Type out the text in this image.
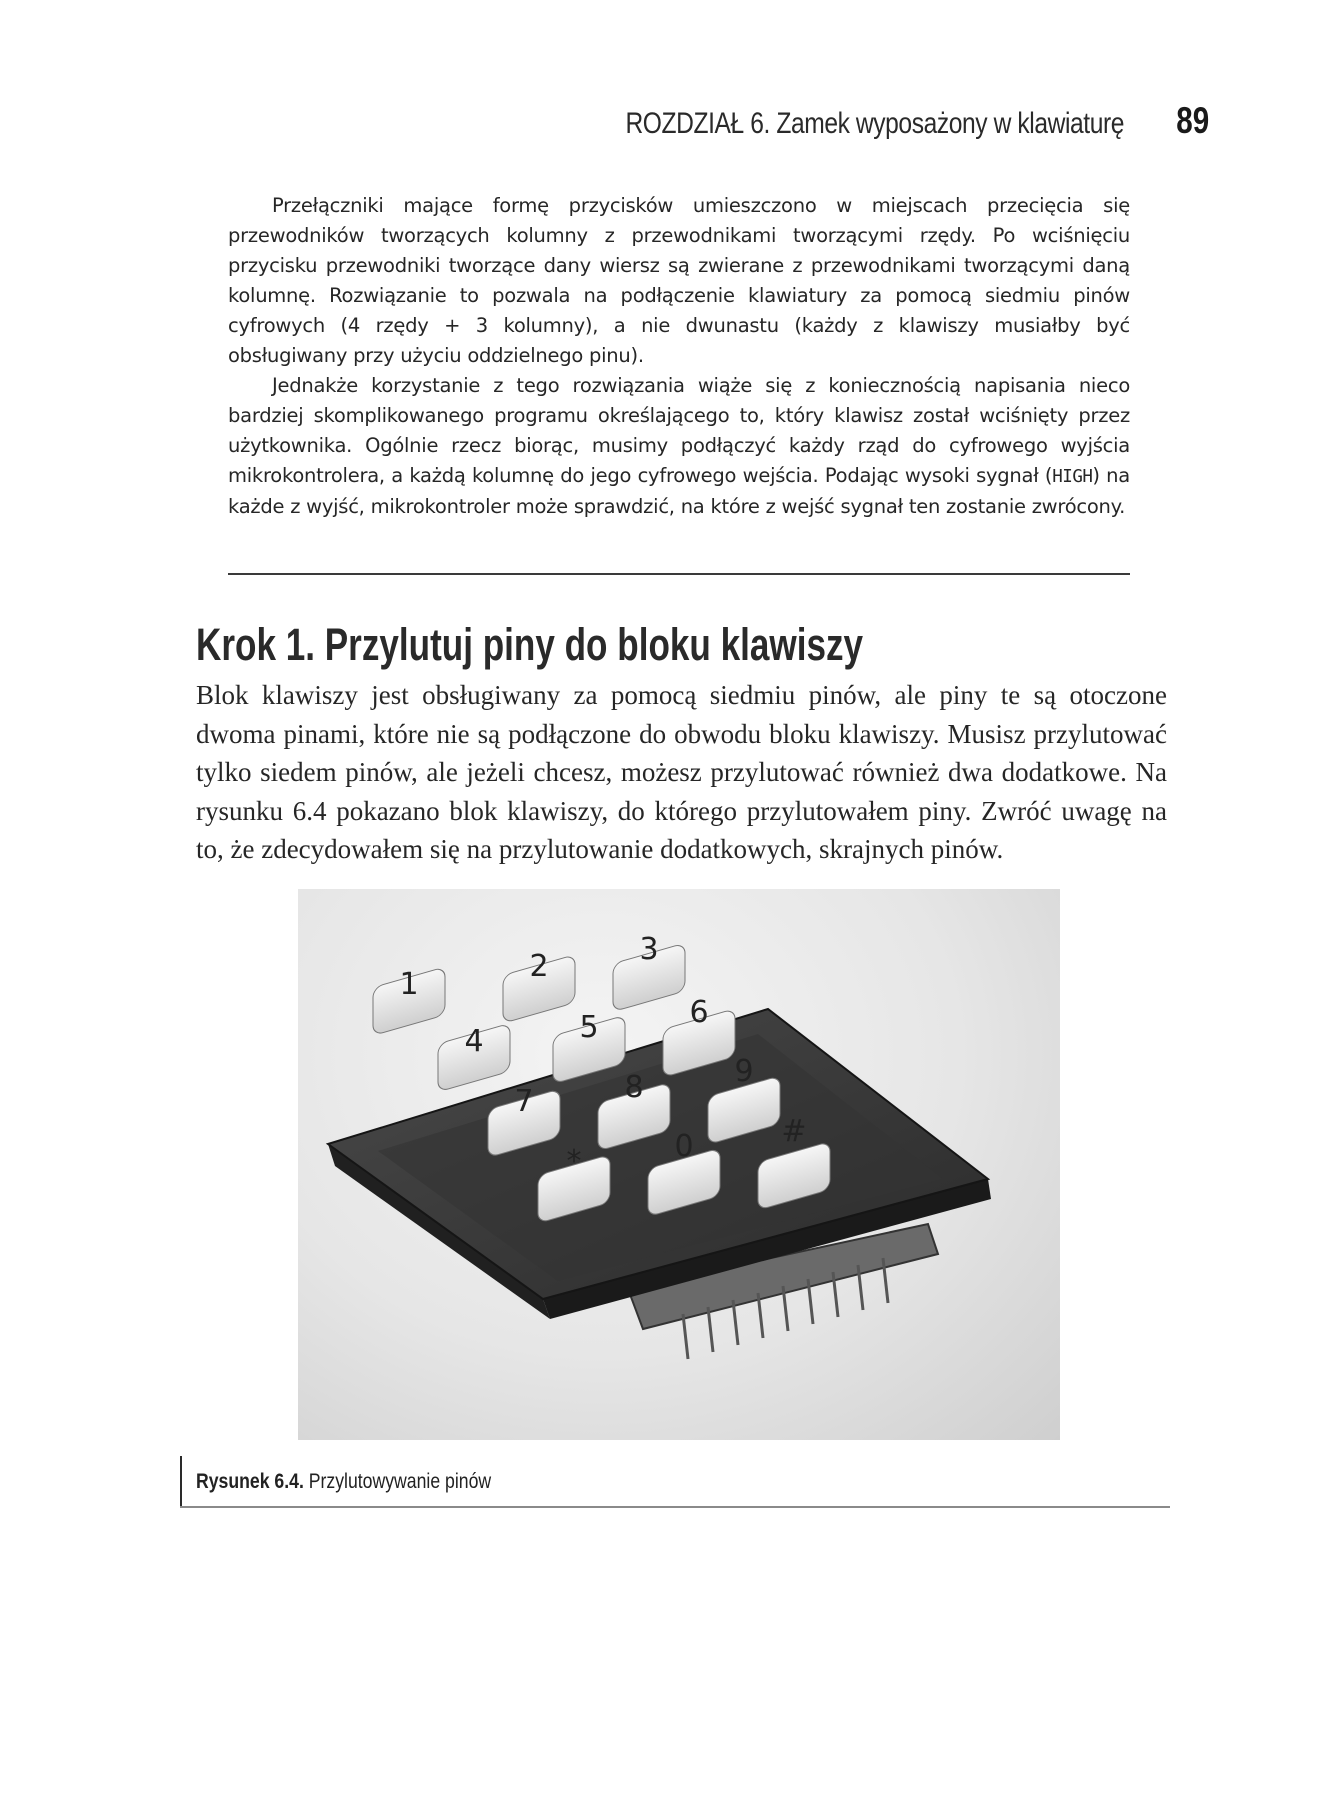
ROZDZIAŁ 6. Zamek wyposażony w klawiaturę 89

Przełączniki mające formę przycisków umieszczono w miejscach przecięcia się przewodników tworzących kolumny z przewodnikami tworzącymi rzędy. Po wciśnięciu przycisku przewodniki tworzące dany wiersz są zwierane z przewodnikami tworzącymi daną kolumnę. Rozwiązanie to pozwala na podłączenie klawiatury za pomocą siedmiu pinów cyfrowych (4 rzędy + 3 kolumny), a nie dwunastu (każdy z klawiszy musiałby być obsługiwany przy użyciu oddzielnego pinu).

Jednakże korzystanie z tego rozwiązania wiąże się z koniecznością napisania nieco bardziej skomplikowanego programu określającego to, który klawisz został wciśnięty przez użytkownika. Ogólnie rzecz biorąc, musimy podłączyć każdy rząd do cyfrowego wyjścia mikrokontrolera, a każdą kolumnę do jego cyfrowego wejścia. Podając wysoki sygnał (HIGH) na każde z wyjść, mikrokontroler może sprawdzić, na które z wejść sygnał ten zostanie zwrócony.

Krok 1. Przylutuj piny do bloku klawiszy

Blok klawiszy jest obsługiwany za pomocą siedmiu pinów, ale piny te są otoczone dwoma pinami, które nie są podłączone do obwodu bloku klawiszy. Musisz przylutować tylko siedem pinów, ale jeżeli chcesz, możesz przylutować również dwa dodatkowe. Na rysunku 6.4 pokazano blok klawiszy, do którego przylutowałem piny. Zwróć uwagę na to, że zdecydowałem się na przylutowanie dodatkowych, skrajnych pinów.

1
2	3
4	5	6
7	8	9
*	0	#

Rysunek 6.4. Przylutowywanie pinów
